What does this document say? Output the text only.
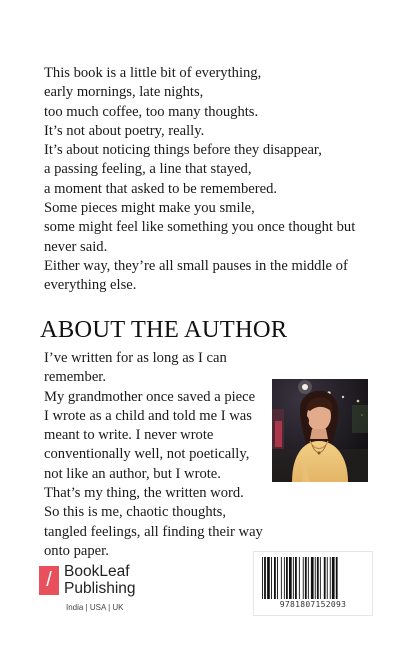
This book is a little bit of everything,
early mornings, late nights,
too much coffee, too many thoughts.
It’s not about poetry, really.
It’s about noticing things before they disappear,
a passing feeling, a line that stayed,
a moment that asked to be remembered.
Some pieces might make you smile,
some might feel like something you once thought but
never said.
Either way, they’re all small pauses in the middle of
everything else.
ABOUT THE AUTHOR
I’ve written for as long as I can
remember.
My grandmother once saved a piece
I wrote as a child and told me I was
meant to write. I never wrote
conventionally well, not poetically,
not like an author, but I wrote.
That’s my thing, the written word.
So this is me, chaotic thoughts,
tangled feelings, all finding their way
onto paper.
/ BookLeaf
Publishing
India | USA | UK	9781807152093
